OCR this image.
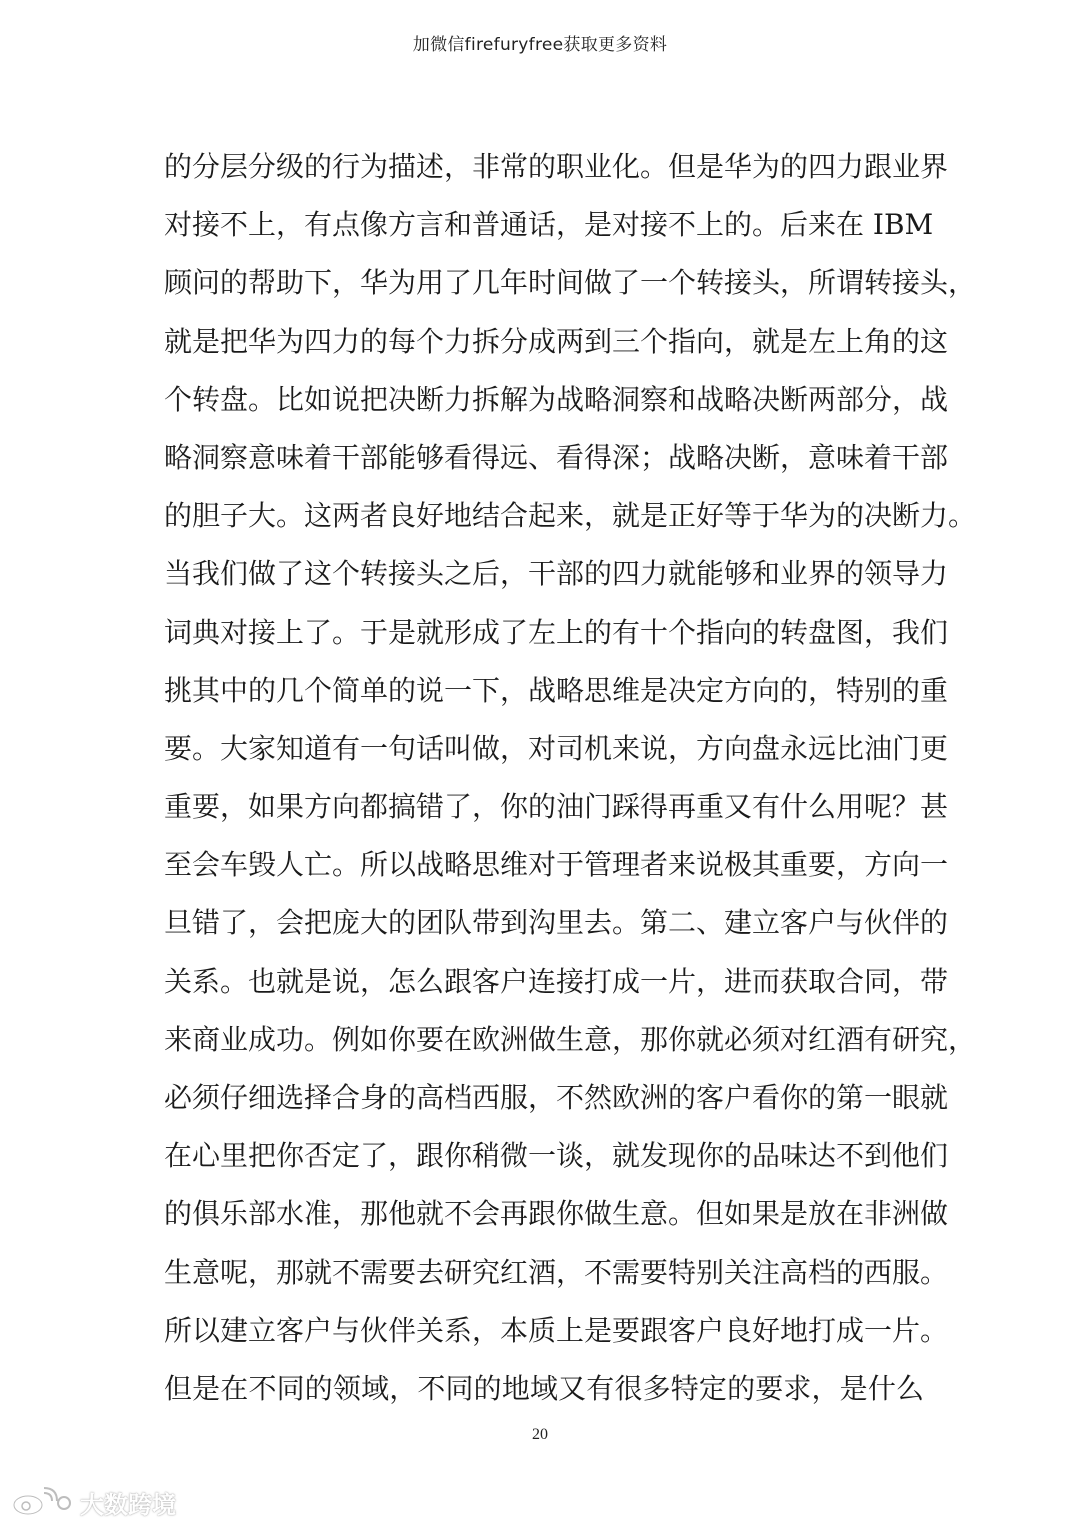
加微信firefuryfree获取更多资料
的分层分级的行为描述，非常的职业化。但是华为的四力跟业界
对接不上，有点像方言和普通话，是对接不上的。后来在 IBM
顾问的帮助下，华为用了几年时间做了一个转接头，所谓转接头，
就是把华为四力的每个力拆分成两到三个指向，就是左上角的这
个转盘。比如说把决断力拆解为战略洞察和战略决断两部分，战
略洞察意味着干部能够看得远、看得深；战略决断，意味着干部
的胆子大。这两者良好地结合起来，就是正好等于华为的决断力。
当我们做了这个转接头之后，干部的四力就能够和业界的领导力
词典对接上了。于是就形成了左上的有十个指向的转盘图，我们
挑其中的几个简单的说一下，战略思维是决定方向的，特别的重
要。大家知道有一句话叫做，对司机来说，方向盘永远比油门更
重要，如果方向都搞错了，你的油门踩得再重又有什么用呢？甚
至会车毁人亡。所以战略思维对于管理者来说极其重要，方向一
旦错了，会把庞大的团队带到沟里去。第二、建立客户与伙伴的
关系。也就是说，怎么跟客户连接打成一片，进而获取合同，带
来商业成功。例如你要在欧洲做生意，那你就必须对红酒有研究，
必须仔细选择合身的高档西服，不然欧洲的客户看你的第一眼就
在心里把你否定了，跟你稍微一谈，就发现你的品味达不到他们
的俱乐部水准，那他就不会再跟你做生意。但如果是放在非洲做
生意呢，那就不需要去研究红酒，不需要特别关注高档的西服。
所以建立客户与伙伴关系，本质上是要跟客户良好地打成一片。
但是在不同的领域，不同的地域又有很多特定的要求，是什么
20
大数跨境
